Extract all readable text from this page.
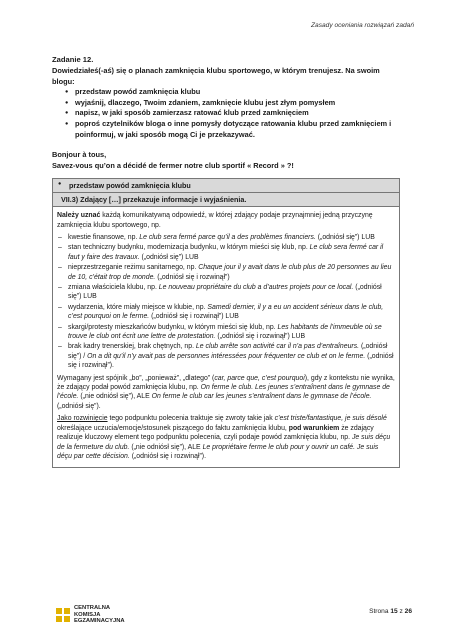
Zasady oceniania rozwiązań zadań
Zadanie 12.
Dowiedziałeś(-aś) się o planach zamknięcia klubu sportowego, w którym trenujesz. Na swoim blogu:
● przedstaw powód zamknięcia klubu
● wyjaśnij, dlaczego, Twoim zdaniem, zamknięcie klubu jest złym pomysłem
● napisz, w jaki sposób zamierzasz ratować klub przed zamknięciem
● poproś czytelników bloga o inne pomysły dotyczące ratowania klubu przed zamknięciem i poinformuj, w jaki sposób mogą Ci je przekazywać.
Bonjour à tous,
Savez-vous qu’on a décidé de fermer notre club sportif « Record » ?!
● przedstaw powód zamknięcia klubu
VII.3) Zdający […] przekazuje informacje i wyjaśnienia.
Należy uznać każdą komunikatywną odpowiedź, w której zdający podaje przynajmniej jedną przyczynę zamknięcia klubu sportowego, np.
– kwestie finansowe, np. Le club sera fermé parce qu’il a des problèmes financiers. („odniósł się”) LUB
– stan techniczny budynku, modernizacja budynku, w którym mieści się klub, np. Le club sera fermé car il faut y faire des travaux. („odniósł się”) LUB
– nieprzestrzeganie reżimu sanitarnego, np. Chaque jour il y avait dans le club plus de 20 personnes au lieu de 10, c’était trop de monde. („odniósł się i rozwinął”)
– zmiana właściciela klubu, np. Le nouveau propriétaire du club a d’autres projets pour ce local. („odniósł się”) LUB
– wydarzenia, które miały miejsce w klubie, np. Samedi dernier, il y a eu un accident sérieux dans le club, c’est pourquoi on le ferme. („odniósł się i rozwinął”) LUB
– skargi/protesty mieszkańców budynku, w którym mieści się klub, np. Les habitants de l’immeuble où se trouve le club ont écrit une lettre de protestation. („odniósł się i rozwinął”) LUB
– brak kadry trenerskiej, brak chętnych, np. Le club arrête son activité car il n’a pas d’entraîneurs. („odniósł się”) / On a dit qu’il n’y avait pas de personnes intéressées pour fréquenter ce club et on le ferme. („odniósł się i rozwinął”).
Wymagany jest spójnik „bo”, „ponieważ”, „dlatego” (car, parce que, c’est pourquoi), gdy z kontekstu nie wynika, że zdający podał powód zamknięcia klubu, np. On ferme le club. Les jeunes s’entraînent dans le gymnase de l’école. („nie odniósł się”), ALE On ferme le club car les jeunes s’entraînent dans le gymnase de l’école. („odniósł się”).
Jako rozwinięcie tego podpunktu polecenia traktuje się zwroty takie jak c’est triste/fantastique, je suis désolé określające uczucia/emocje/stosunek piszącego do faktu zamknięcia klubu, pod warunkiem że zdający realizuje kluczowy element tego podpunktu polecenia, czyli podaje powód zamknięcia klubu, np. Je suis déçu de la fermeture du club. („nie odniósł się”), ALE Le propriétaire ferme le club pour y ouvrir un café. Je suis déçu par cette décision. („odniósł się i rozwinął”).
CENTRALNA
KOMISJA
EGZAMINACYJNA
Strona 15 z 26
